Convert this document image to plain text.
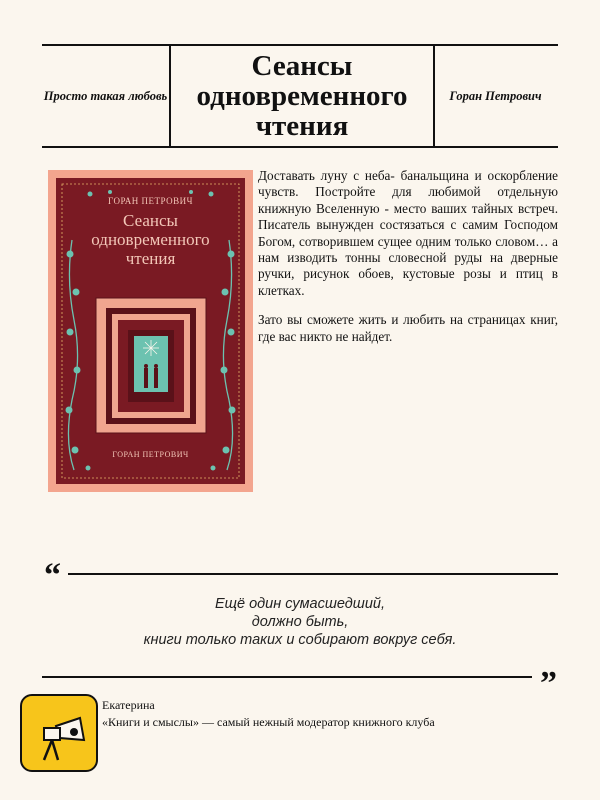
Просто такая любовь
Сеансы одновременного чтения
Горан Петрович
ГОРАН ПЕТРОВИЧ
Сеансы
одновременного
чтения
ГОРАН ПЕТРОВИЧ

Доставать луну с неба- банальщина и оскорбление чувств. Постройте для любимой отдельную книжную Вселенную - место ваших тайных встреч. Писатель вынужден состязаться с самим Господом Богом, сотворившем сущее одним только словом… а нам изводить тонны словесной руды на дверные ручки, рисунок обоев, кустовые розы и птиц в клетках.

Зато вы сможете жить и любить на страницах книг, где вас никто не найдет.

“
Ещё один сумасшедший,
должно быть,
книги только таких и собирают вокруг себя.
”
Екатерина
«Книги и смыслы» — самый нежный модератор книжного клуба
